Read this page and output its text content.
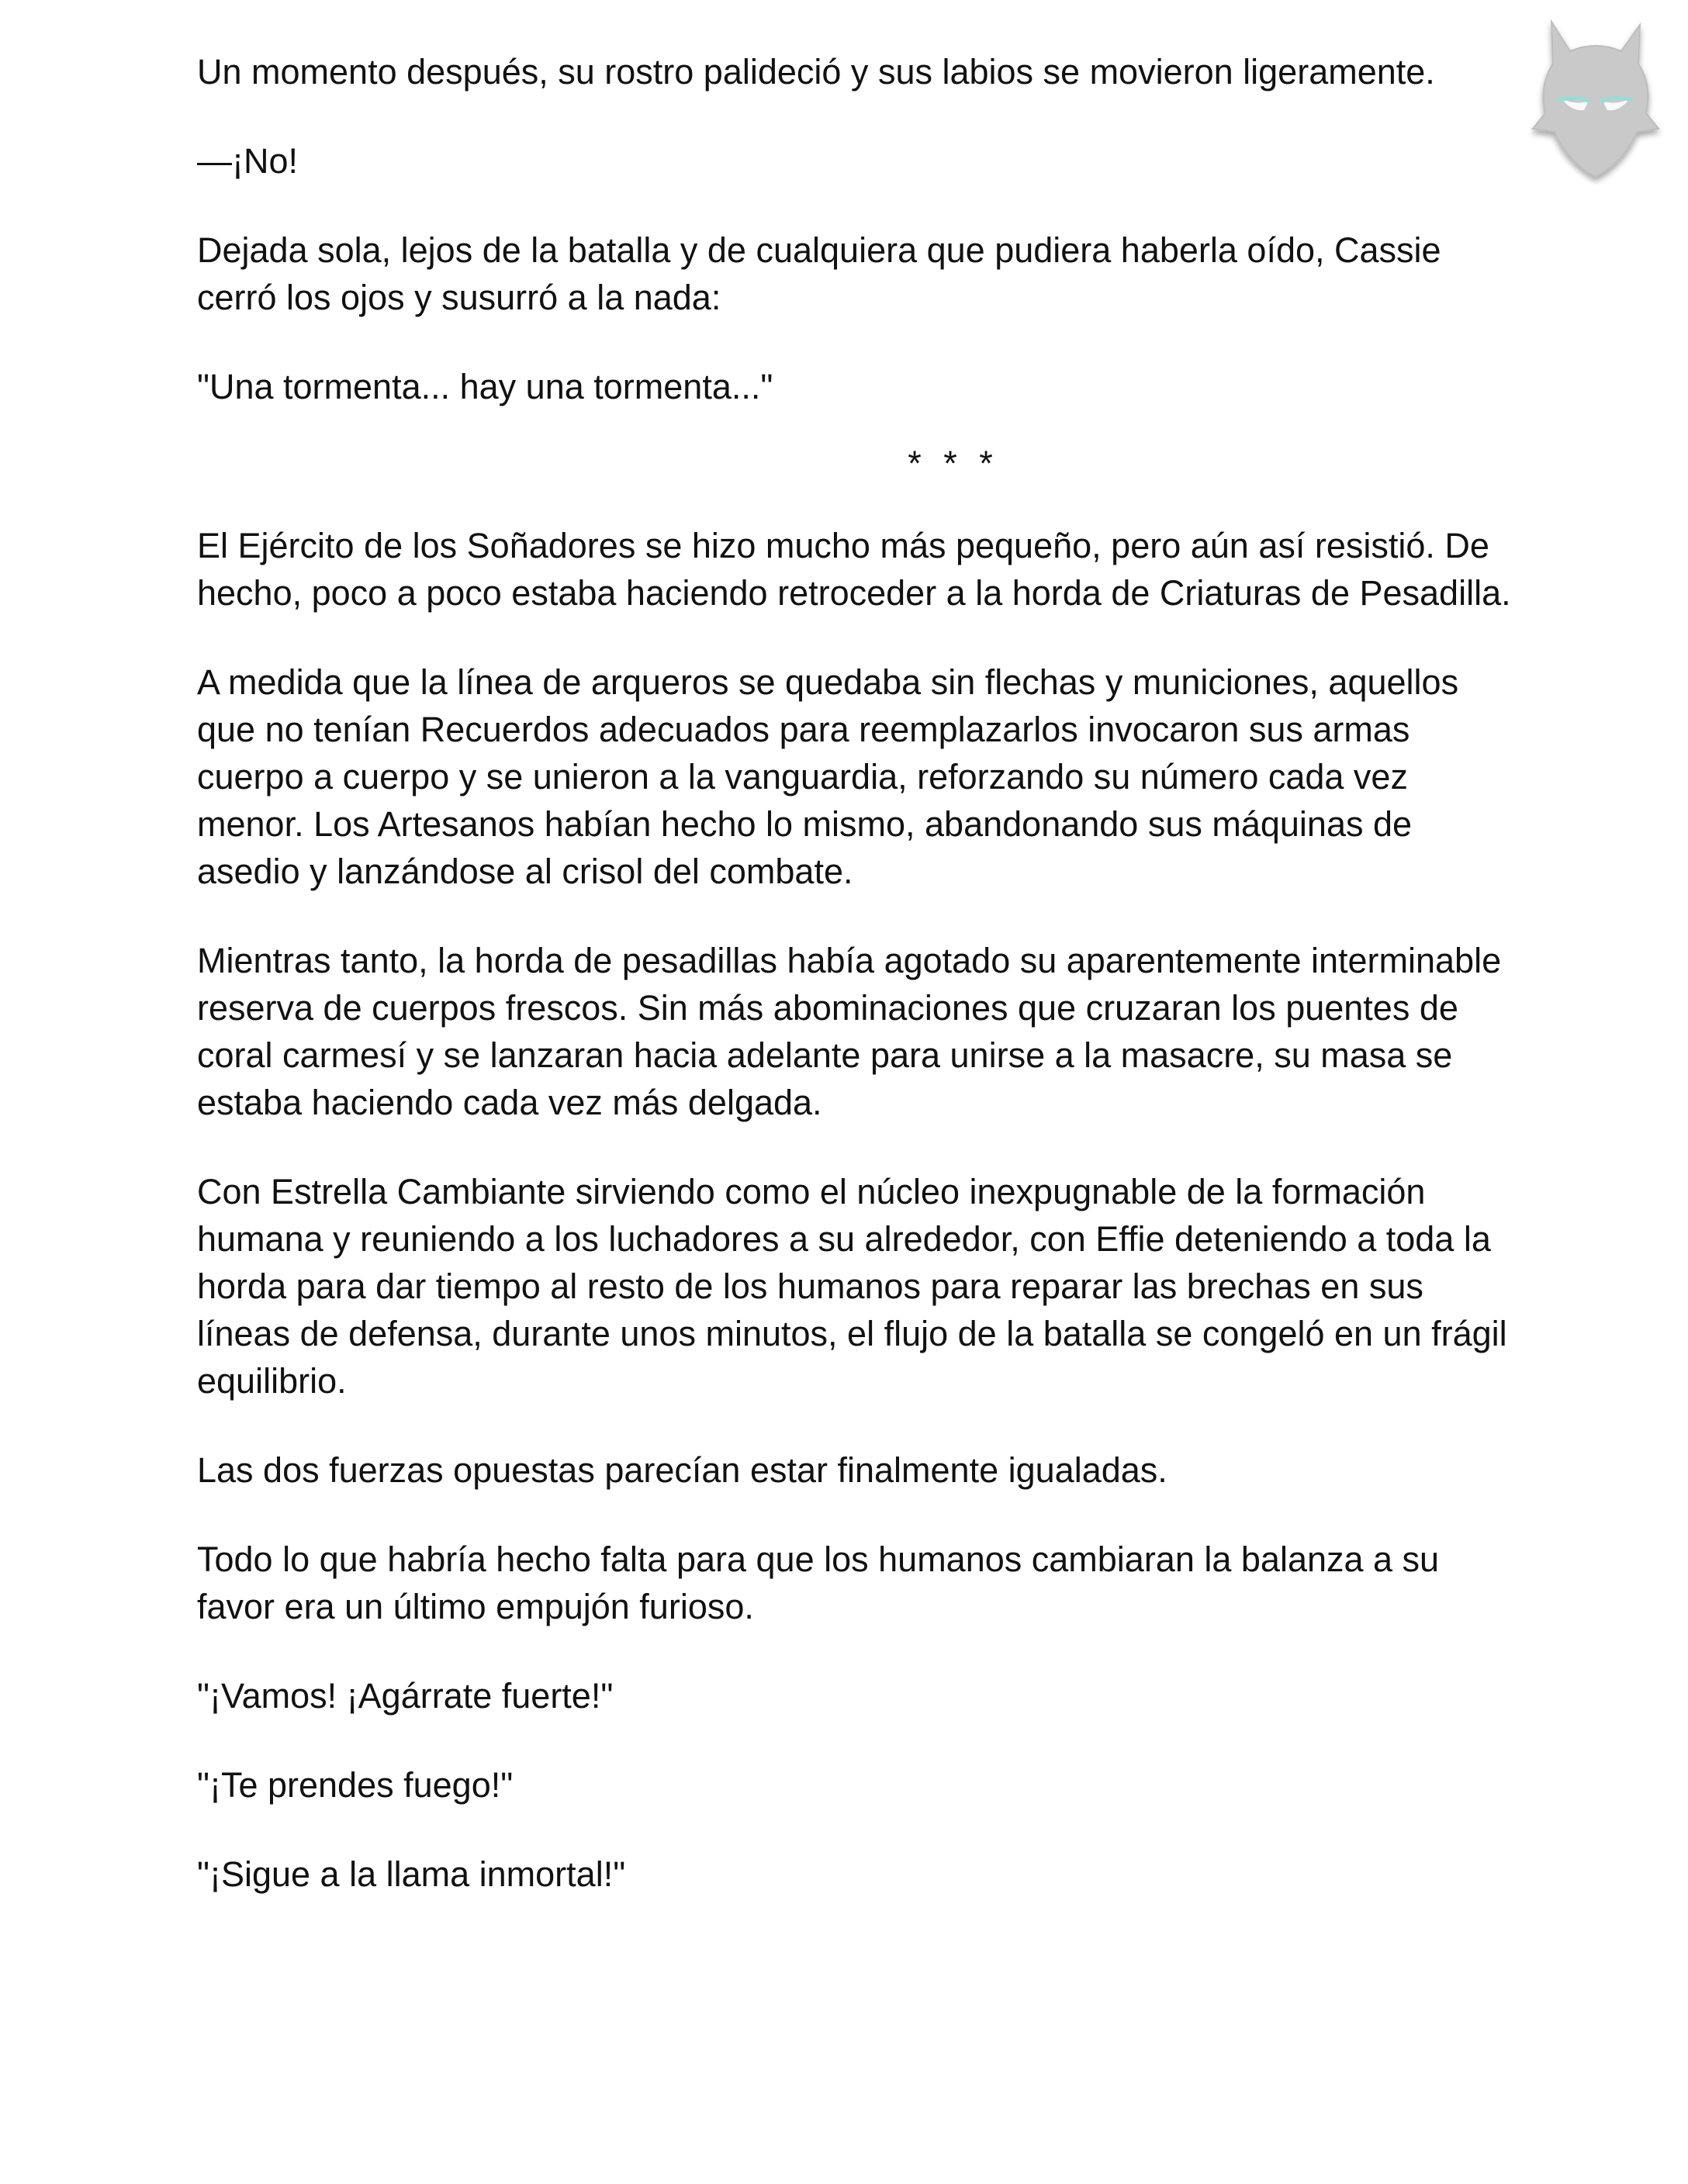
Un momento después, su rostro palideció y sus labios se movieron ligeramente.

—¡No!

Dejada sola, lejos de la batalla y de cualquiera que pudiera haberla oído, Cassie cerró los ojos y susurró a la nada:

"Una tormenta... hay una tormenta..."

* * *

El Ejército de los Soñadores se hizo mucho más pequeño, pero aún así resistió. De hecho, poco a poco estaba haciendo retroceder a la horda de Criaturas de Pesadilla.

A medida que la línea de arqueros se quedaba sin flechas y municiones, aquellos que no tenían Recuerdos adecuados para reemplazarlos invocaron sus armas cuerpo a cuerpo y se unieron a la vanguardia, reforzando su número cada vez menor. Los Artesanos habían hecho lo mismo, abandonando sus máquinas de asedio y lanzándose al crisol del combate.

Mientras tanto, la horda de pesadillas había agotado su aparentemente interminable reserva de cuerpos frescos. Sin más abominaciones que cruzaran los puentes de coral carmesí y se lanzaran hacia adelante para unirse a la masacre, su masa se estaba haciendo cada vez más delgada.

Con Estrella Cambiante sirviendo como el núcleo inexpugnable de la formación humana y reuniendo a los luchadores a su alrededor, con Effie deteniendo a toda la horda para dar tiempo al resto de los humanos para reparar las brechas en sus líneas de defensa, durante unos minutos, el flujo de la batalla se congeló en un frágil equilibrio.

Las dos fuerzas opuestas parecían estar finalmente igualadas.

Todo lo que habría hecho falta para que los humanos cambiaran la balanza a su favor era un último empujón furioso.

"¡Vamos! ¡Agárrate fuerte!"

"¡Te prendes fuego!"

"¡Sigue a la llama inmortal!"
